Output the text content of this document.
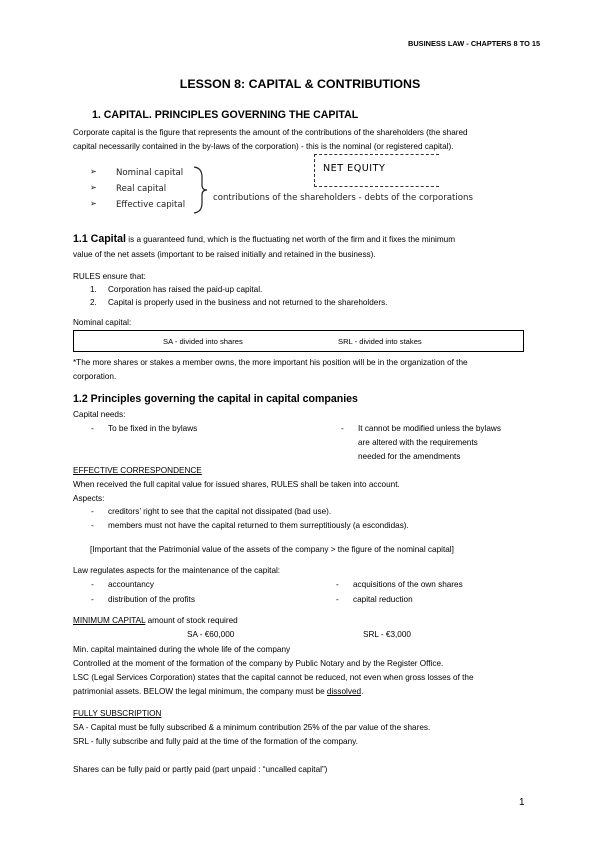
BUSINESS LAW - CHAPTERS 8 TO 15
LESSON 8: CAPITAL & CONTRIBUTIONS
1. CAPITAL. PRINCIPLES GOVERNING THE CAPITAL
Corporate capital is the figure that represents the amount of the contributions of the shareholders (the shared
capital necessarily contained in the by-laws of the corporation) - this is the nominal (or registered capital).
NET EQUITY
➢ Nominal capital
➢ Real capital
➢ Effective capital
contributions of the shareholders - debts of the corporations
1.1 Capital is a guaranteed fund, which is the fluctuating net worth of the firm and it fixes the minimum
value of the net assets (important to be raised initially and retained in the business).
RULES ensure that:
1. Corporation has raised the paid-up capital.
2. Capital is properly used in the business and not returned to the shareholders.
Nominal capital:
SA - divided into shares	SRL - divided into stakes
*The more shares or stakes a member owns, the more important his position will be in the organization of the
corporation.
1.2 Principles governing the capital in capital companies
Capital needs:
- To be fixed in the bylaws	- It cannot be modified unless the bylaws
are altered with the requirements
needed for the amendments
EFFECTIVE CORRESPONDENCE
When received the full capital value for issued shares, RULES shall be taken into account.
Aspects:
- creditors’ right to see that the capital not dissipated (bad use).
- members must not have the capital returned to them surreptitiously (a escondidas).
[Important that the Patrimonial value of the assets of the company > the figure of the nominal capital]
Law regulates aspects for the maintenance of the capital:
- accountancy	- acquisitions of the own shares
- distribution of the profits	- capital reduction
MINIMUM CAPITAL amount of stock required
SA - €60,000	SRL - €3,000
Min. capital maintained during the whole life of the company
Controlled at the moment of the formation of the company by Public Notary and by the Register Office.
LSC (Legal Services Corporation) states that the capital cannot be reduced, not even when gross losses of the
patrimonial assets. BELOW the legal minimum, the company must be dissolved.
FULLY SUBSCRIPTION
SA - Capital must be fully subscribed & a minimum contribution 25% of the par value of the shares.
SRL - fully subscribe and fully paid at the time of the formation of the company.
Shares can be fully paid or partly paid (part unpaid : “uncalled capital”)
1
